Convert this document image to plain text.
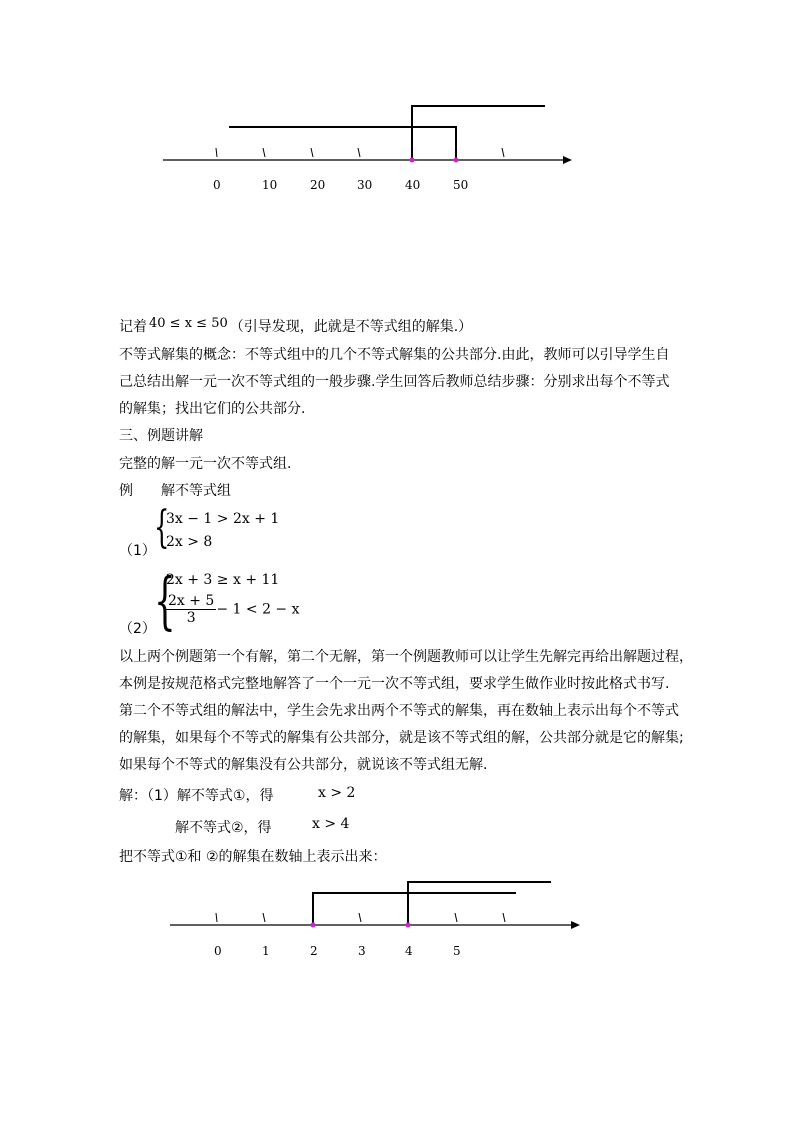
0	10	20	30	40	50
记着 40 ≤ x ≤ 50 （引导发现，此就是不等式组的解集.）
不等式解集的概念：不等式组中的几个不等式解集的公共部分.由此，教师可以引导学生自
己总结出解一元一次不等式组的一般步骤.学生回答后教师总结步骤：分别求出每个不等式
的解集；找出它们的公共部分.
三、例题讲解
完整的解一元一次不等式组.
例 解不等式组
{
3x − 1 > 2x + 1
2x > 8
（1）
{
2x + 3 ≥ x + 11
$\frac{2x + 5}{3} - 1 < 2 - x$
（2）
以上两个例题第一个有解，第二个无解，第一个例题教师可以让学生先解完再给出解题过程，
本例是按规范格式完整地解答了一个一元一次不等式组，要求学生做作业时按此格式书写.
第二个不等式组的解法中，学生会先求出两个不等式的解集，再在数轴上表示出每个不等式
的解集，如果每个不等式的解集有公共部分，就是该不等式组的解，公共部分就是它的解集;
如果每个不等式的解集没有公共部分，就说该不等式组无解.
解：（1）解不等式①，得	x > 2
解不等式②，得	x > 4
把不等式①和 ②的解集在数轴上表示出来：
0	1	2	3	4	5
